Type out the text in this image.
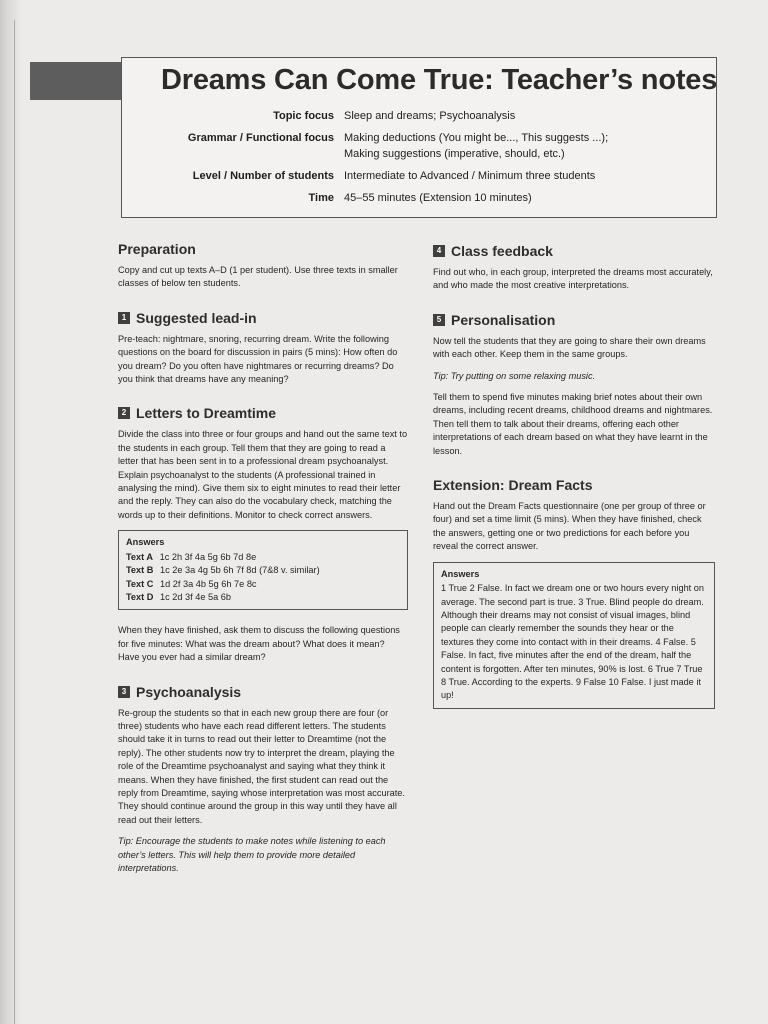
Dreams Can Come True: Teacher’s notes
Topic focus Sleep and dreams; Psychoanalysis
Grammar / Functional focus Making deductions (You might be..., This suggests ...);
Making suggestions (imperative, should, etc.)
Level / Number of students Intermediate to Advanced / Minimum three students
Time 45–55 minutes (Extension 10 minutes)
Preparation

Copy and cut up texts A–D (1 per student). Use three texts in smaller classes of below ten students.

1 Suggested lead-in

Pre-teach: nightmare, snoring, recurring dream. Write the following questions on the board for discussion in pairs (5 mins): How often do you dream? Do you often have nightmares or recurring dreams? Do you think that dreams have any meaning?

2 Letters to Dreamtime

Divide the class into three or four groups and hand out the same text to the students in each group. Tell them that they are going to read a letter that has been sent in to a professional dream psychoanalyst. Explain psychoanalyst to the students (A professional trained in analysing the mind). Give them six to eight minutes to read their letter and the reply. They can also do the vocabulary check, matching the words up to their definitions. Monitor to check correct answers.

Answers
Text A 1c 2h 3f 4a 5g 6b 7d 8e
Text B 1c 2e 3a 4g 5b 6h 7f 8d (7&8 v. similar)
Text C 1d 2f 3a 4b 5g 6h 7e 8c
Text D 1c 2d 3f 4e 5a 6b

When they have finished, ask them to discuss the following questions for five minutes: What was the dream about? What does it mean? Have you ever had a similar dream?

3 Psychoanalysis

Re-group the students so that in each new group there are four (or three) students who have each read different letters. The students should take it in turns to read out their letter to Dreamtime (not the reply). The other students now try to interpret the dream, playing the role of the Dreamtime psychoanalyst and saying what they think it means. When they have finished, the first student can read out the reply from Dreamtime, saying whose interpretation was most accurate. They should continue around the group in this way until they have all read out their letters.

Tip: Encourage the students to make notes while listening to each other’s letters. This will help them to provide more detailed interpretations.

4 Class feedback

Find out who, in each group, interpreted the dreams most accurately, and who made the most creative interpretations.

5 Personalisation

Now tell the students that they are going to share their own dreams with each other. Keep them in the same groups.

Tip: Try putting on some relaxing music.

Tell them to spend five minutes making brief notes about their own dreams, including recent dreams, childhood dreams and nightmares. Then tell them to talk about their dreams, offering each other interpretations of each dream based on what they have learnt in the lesson.

Extension: Dream Facts

Hand out the Dream Facts questionnaire (one per group of three or four) and set a time limit (5 mins). When they have finished, check the answers, getting one or two predictions for each before you reveal the correct answer.

Answers

1 True 2 False. In fact we dream one or two hours every night on average. The second part is true. 3 True. Blind people do dream. Although their dreams may not consist of visual images, blind people can clearly remember the sounds they hear or the textures they come into contact with in their dreams. 4 False. 5 False. In fact, five minutes after the end of the dream, half the content is forgotten. After ten minutes, 90% is lost. 6 True 7 True 8 True. According to the experts. 9 False 10 False. I just made it up!
